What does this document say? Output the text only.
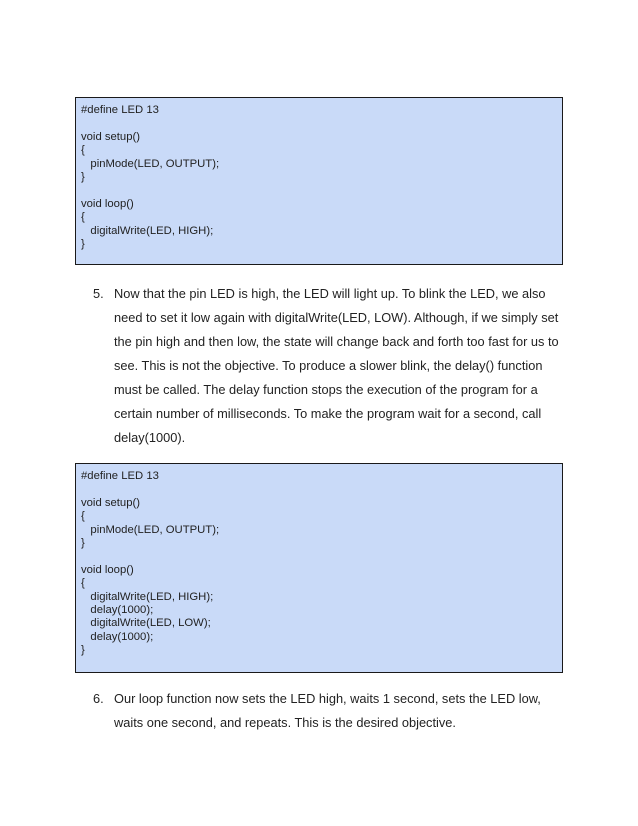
#define LED 13
void setup()
{
pinMode(LED, OUTPUT);
}
void loop()
{
digitalWrite(LED, HIGH);
}
5. Now that the pin LED is high, the LED will light up. To blink the LED, we also need to set it low again with digitalWrite(LED, LOW). Although, if we simply set the pin high and then low, the state will change back and forth too fast for us to see. This is not the objective. To produce a slower blink, the delay() function must be called. The delay function stops the execution of the program for a certain number of milliseconds. To make the program wait for a second, call delay(1000).
#define LED 13
void setup()
{
pinMode(LED, OUTPUT);
}
void loop()
{
digitalWrite(LED, HIGH);
delay(1000);
digitalWrite(LED, LOW);
delay(1000);
}
6. Our loop function now sets the LED high, waits 1 second, sets the LED low, waits one second, and repeats. This is the desired objective.
